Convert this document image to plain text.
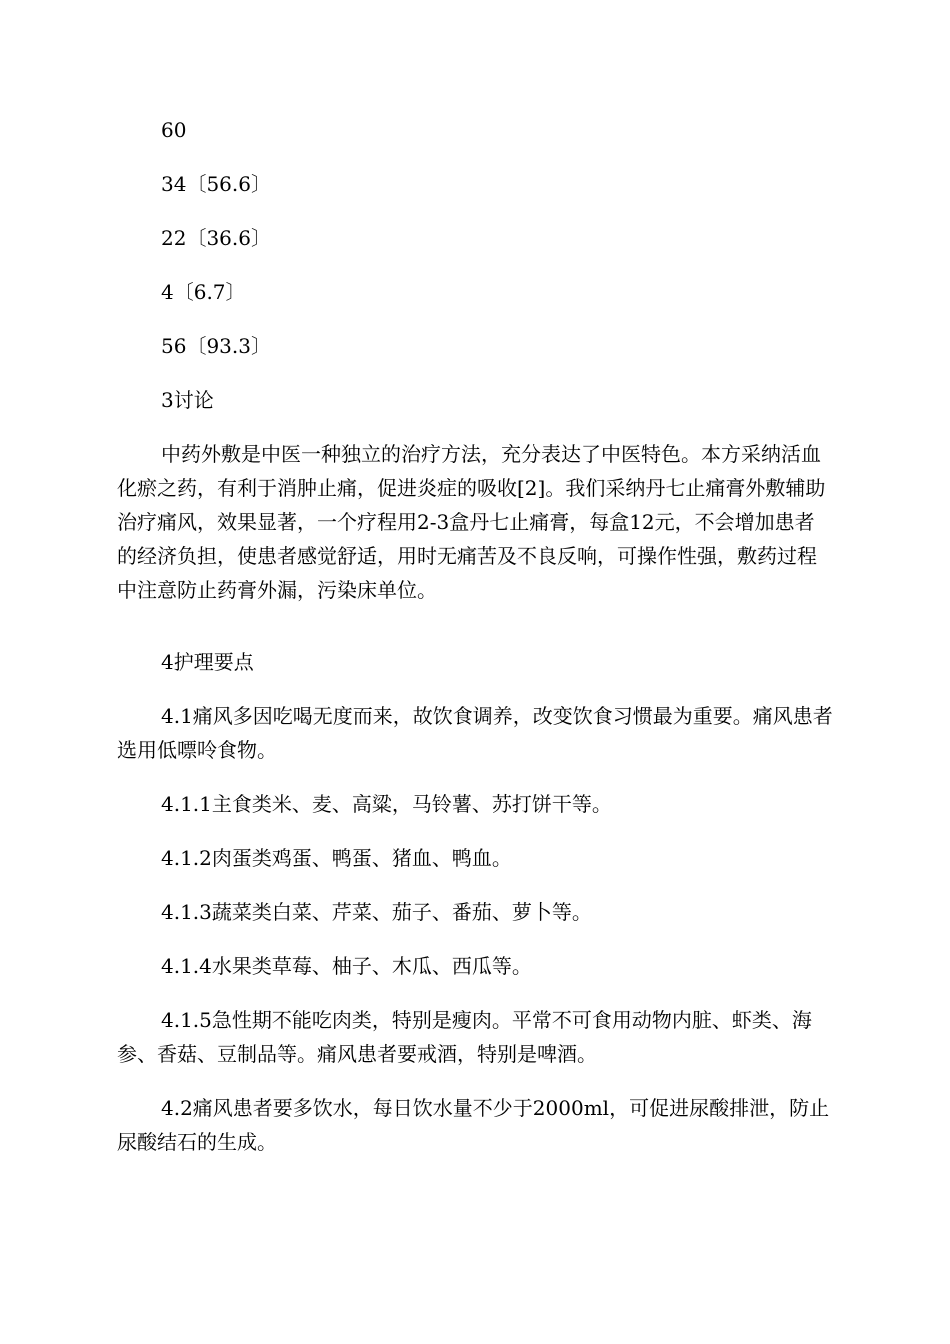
60

34〔56.6〕

22〔36.6〕

4〔6.7〕

56〔93.3〕

3讨论

中药外敷是中医一种独立的治疗方法，充分表达了中医特色。本方采纳活血化瘀之药，有利于消肿止痛，促进炎症的吸收[2]。我们采纳丹七止痛膏外敷辅助治疗痛风，效果显著，一个疗程用2-3盒丹七止痛膏，每盒12元，不会增加患者的经济负担，使患者感觉舒适，用时无痛苦及不良反响，可操作性强，敷药过程中注意防止药膏外漏，污染床单位。

4护理要点

4.1痛风多因吃喝无度而来，故饮食调养，改变饮食习惯最为重要。痛风患者选用低嘌呤食物。

4.1.1主食类米、麦、高粱，马铃薯、苏打饼干等。

4.1.2肉蛋类鸡蛋、鸭蛋、猪血、鸭血。

4.1.3蔬菜类白菜、芹菜、茄子、番茄、萝卜等。

4.1.4水果类草莓、柚子、木瓜、西瓜等。

4.1.5急性期不能吃肉类，特别是瘦肉。平常不可食用动物内脏、虾类、海参、香菇、豆制品等。痛风患者要戒酒，特别是啤酒。

4.2痛风患者要多饮水，每日饮水量不少于2000ml，可促进尿酸排泄，防止尿酸结石的生成。
